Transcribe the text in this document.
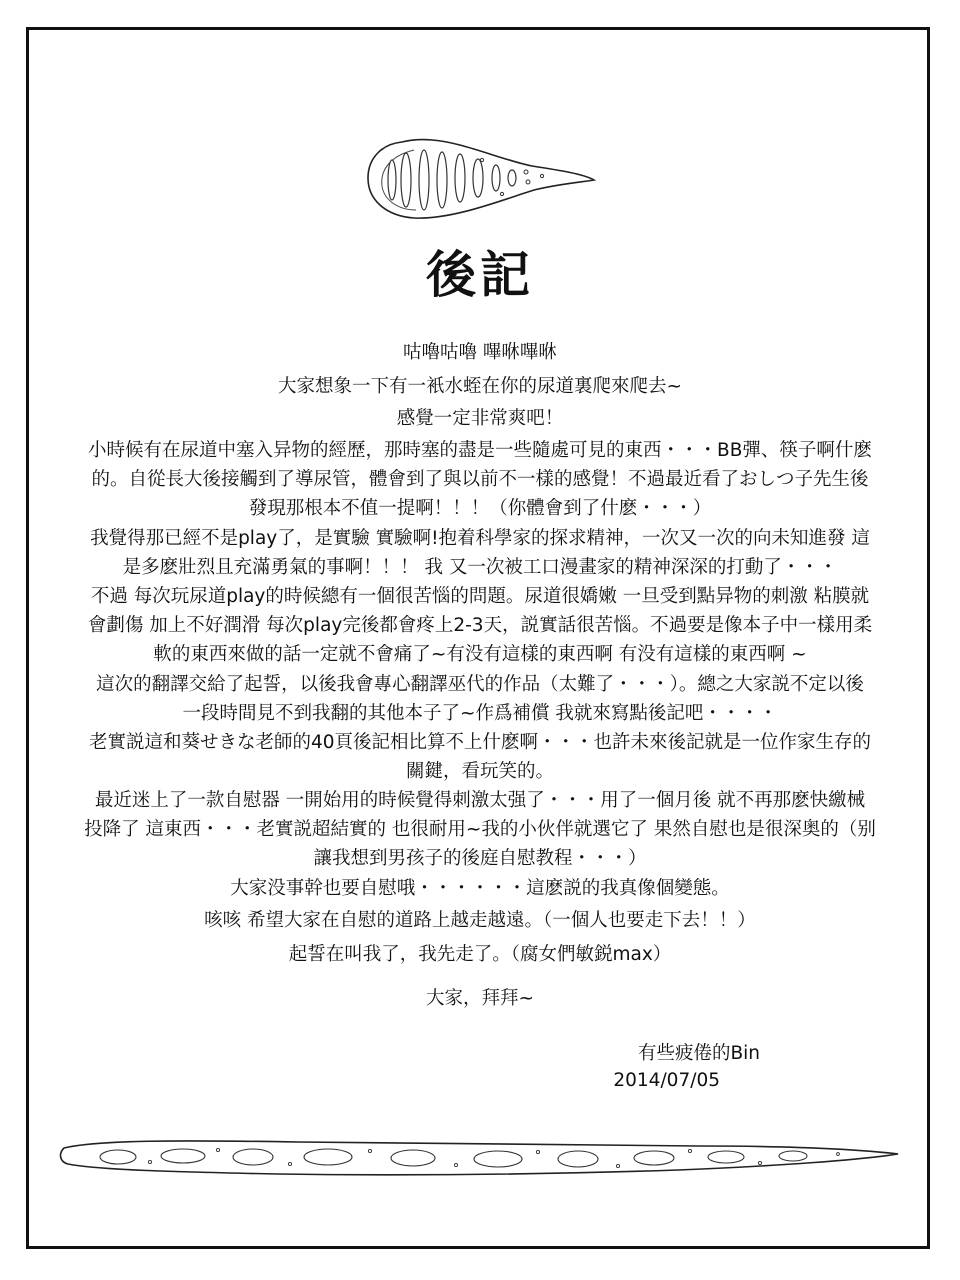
後記
咕嚕咕嚕 嗶咻嗶咻
大家想象一下有一衹水蛭在你的尿道裏爬來爬去~
感覺一定非常爽吧！
小時候有在尿道中塞入异物的經歷，那時塞的盡是一些隨處可見的東西・・・BB彈、筷子啊什麽
的。自從長大後接觸到了導尿管，體會到了與以前不一樣的感覺！不過最近看了おしつ子先生後
發現那根本不值一提啊！！！（你體會到了什麽・・・）
我覺得那已經不是play了，是實驗 實驗啊!抱着科學家的探求精神，一次又一次的向未知進發 這
是多麽壯烈且充滿勇氣的事啊！！！ 我 又一次被工口漫畫家的精神深深的打動了・・・
不過 每次玩尿道play的時候總有一個很苦惱的問題。尿道很嬌嫩 一旦受到點异物的刺激 粘膜就
會劃傷 加上不好潤滑 每次play完後都會疼上2-3天，説實話很苦惱。不過要是像本子中一樣用柔
軟的東西來做的話一定就不會痛了~有没有這樣的東西啊 有没有這樣的東西啊 ~
這次的翻譯交給了起誓，以後我會專心翻譯巫代的作品（太難了・・・）。總之大家説不定以後
一段時間見不到我翻的其他本子了~作爲補償 我就來寫點後記吧・・・・
老實説這和葵せきな老師的40頁後記相比算不上什麽啊・・・也許未來後記就是一位作家生存的
關鍵，看玩笑的。
最近迷上了一款自慰器 一開始用的時候覺得刺激太强了・・・用了一個月後 就不再那麽快繳械
投降了 這東西・・・老實説超結實的 也很耐用~我的小伙伴就選它了 果然自慰也是很深奥的（别
讓我想到男孩子的後庭自慰教程・・・）
大家没事幹也要自慰哦・・・・・・這麽説的我真像個變態。
咳咳 希望大家在自慰的道路上越走越遠。（一個人也要走下去！！）
起誓在叫我了，我先走了。（腐女們敏鋭max）
大家，拜拜~
有些疲倦的Bin
2014/07/05
